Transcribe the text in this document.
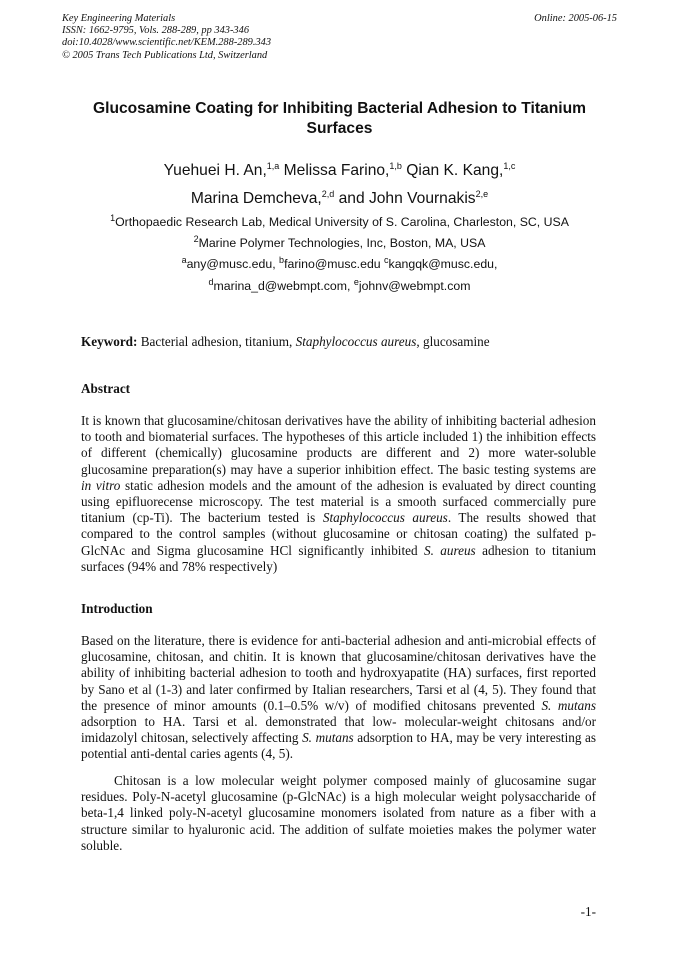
Key Engineering Materials
ISSN: 1662-9795, Vols. 288-289, pp 343-346
doi:10.4028/www.scientific.net/KEM.288-289.343
© 2005 Trans Tech Publications Ltd, Switzerland
Online: 2005-06-15
Glucosamine Coating for Inhibiting Bacterial Adhesion to Titanium
Surfaces
Yuehuei H. An,$^{1,a}$ Melissa Farino,$^{1,b}$ Qian K. Kang,$^{1,c}$
Marina Demcheva,$^{2,d}$ and John Vournakis$^{2,e}$
$^1$Orthopaedic Research Lab, Medical University of S. Carolina, Charleston, SC, USA
$^2$Marine Polymer Technologies, Inc, Boston, MA, USA
$^a$any@musc.edu, $^b$farino@musc.edu $^c$kangqk@musc.edu,
$^d$marina_d@webmpt.com, $^e$johnv@webmpt.com
Keyword: Bacterial adhesion, titanium, Staphylococcus aureus, glucosamine
Abstract

It is known that glucosamine/chitosan derivatives have the ability of inhibiting bacterial adhesion to tooth and biomaterial surfaces. The hypotheses of this article included 1) the inhibition effects of different (chemically) glucosamine products are different and 2) more water-soluble glucosamine preparation(s) may have a superior inhibition effect. The basic testing systems are in vitro static adhesion models and the amount of the adhesion is evaluated by direct counting using epifluorecense microscopy. The test material is a smooth surfaced commercially pure titanium (cp-Ti). The bacterium tested is Staphylococcus aureus. The results showed that compared to the control samples (without glucosamine or chitosan coating) the sulfated p-GlcNAc and Sigma glucosamine HCl significantly inhibited S. aureus adhesion to titanium surfaces (94% and 78% respectively)

Introduction

Based on the literature, there is evidence for anti-bacterial adhesion and anti-microbial effects of glucosamine, chitosan, and chitin. It is known that glucosamine/chitosan derivatives have the ability of inhibiting bacterial adhesion to tooth and hydroxyapatite (HA) surfaces, first reported by Sano et al (1-3) and later confirmed by Italian researchers, Tarsi et al (4, 5). They found that the presence of minor amounts (0.1–0.5% w/v) of modified chitosans prevented S. mutans adsorption to HA. Tarsi et al. demonstrated that low- molecular-weight chitosans and/or imidazolyl chitosan, selectively affecting S. mutans adsorption to HA, may be very interesting as potential anti-dental caries agents (4, 5).

Chitosan is a low molecular weight polymer composed mainly of glucosamine sugar residues. Poly-N-acetyl glucosamine (p-GlcNAc) is a high molecular weight polysaccharide of beta-1,4 linked poly-N-acetyl glucosamine monomers isolated from nature as a fiber with a structure similar to hyaluronic acid. The addition of sulfate moieties makes the polymer water soluble.

-1-
